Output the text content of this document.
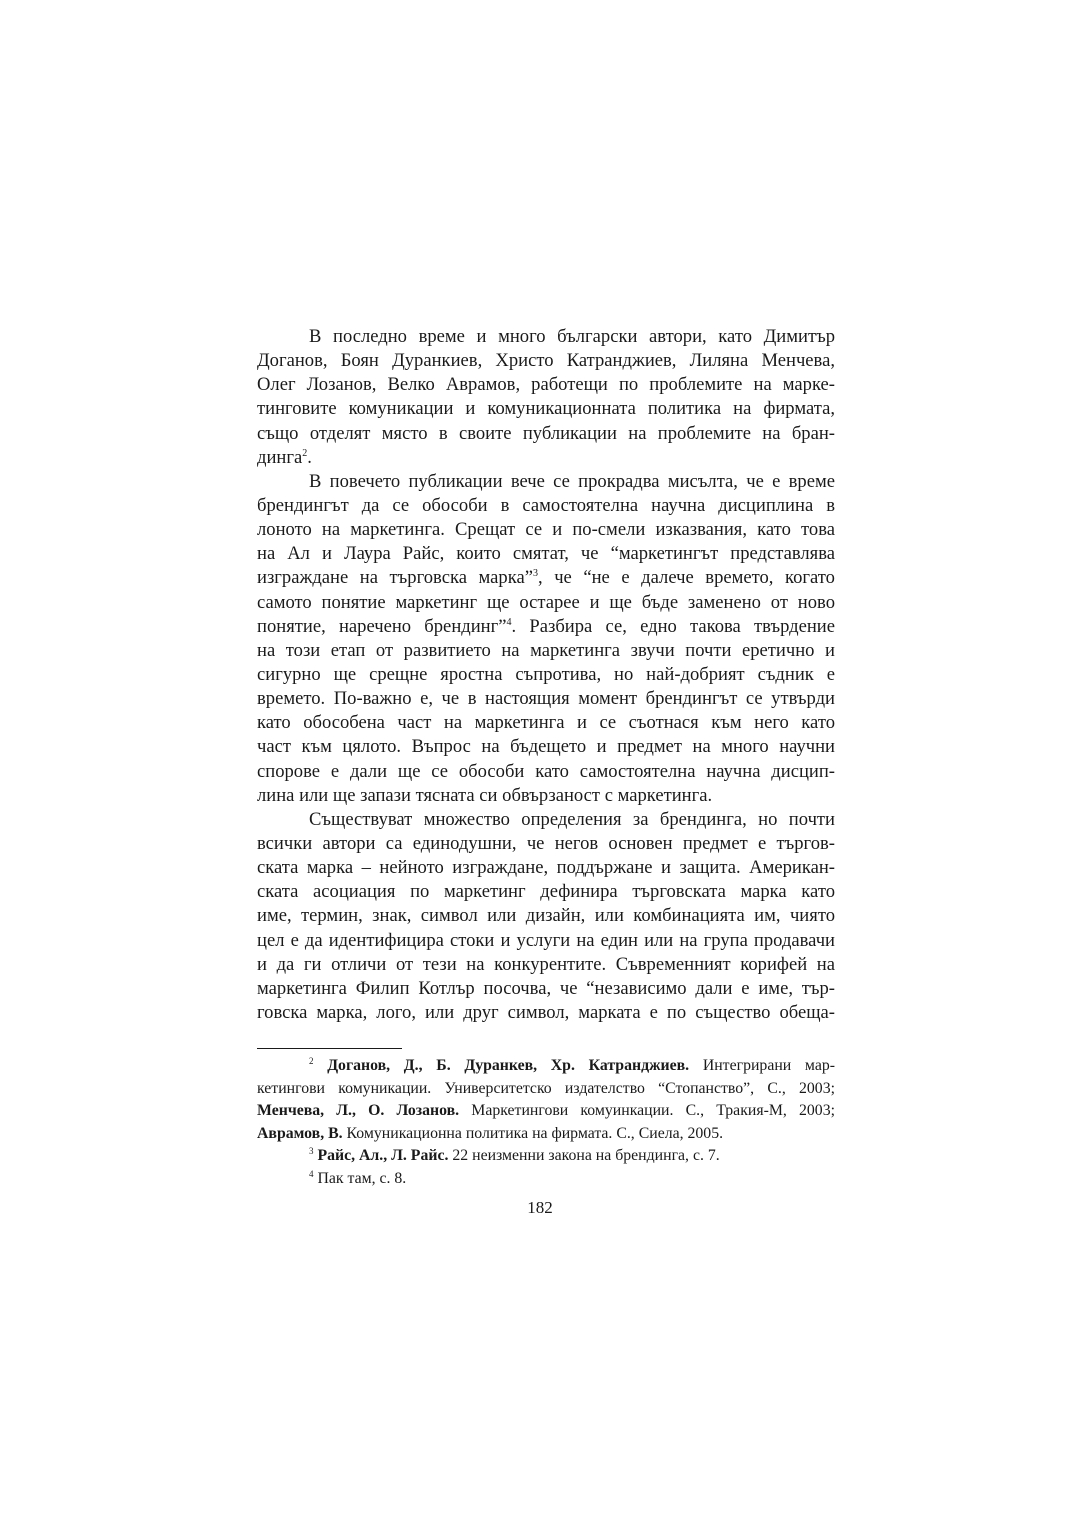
В последно време и много български автори, като Димитър
Доганов, Боян Дуранкиев, Христо Катранджиев, Лиляна Менчева,
Олег Лозанов, Велко Аврамов, работещи по проблемите на марке-
тинговите комуникации и комуникационната политика на фирмата,
също отделят място в своите публикации на проблемите на бран-
динга$^2$.
В повечето публикации вече се прокрадва мисълта, че е време
брендингът да се обособи в самостоятелна научна дисциплина в
лоното на маркетинга. Срещат се и по-смели изказвания, като това
на Ал и Лаура Райс, които смятат, че “маркетингът представлява
изграждане на търговска марка”$^3$, че “не е далече времето, когато
самото понятие маркетинг ще остарее и ще бъде заменено от ново
понятие, наречено брендинг”$^4$. Разбира се, едно такова твърдение
на този етап от развитието на маркетинга звучи почти еретично и
сигурно ще срещне яростна съпротива, но най-добрият съдник е
времето. По-важно е, че в настоящия момент брендингът се утвърди
като обособена част на маркетинга и се съотнася към него като
част към цялото. Въпрос на бъдещето и предмет на много научни
спорове е дали ще се обособи като самостоятелна научна дисцип-
лина или ще запази тясната си обвързаност с маркетинга.
Съществуват множество определения за брендинга, но почти
всички автори са единодушни, че негов основен предмет е търгов-
ската марка – нейното изграждане, поддържане и защита. Американ-
ската асоциация по маркетинг дефинира търговската марка като
име, термин, знак, символ или дизайн, или комбинацията им, чиято
цел е да идентифицира стоки и услуги на един или на група продавачи
и да ги отличи от тези на конкурентите. Съвременният корифей на
маркетинга Филип Котлър посочва, че “независимо дали е име, тър-
говска марка, лого, или друг символ, марката е по същество обеща-
$^2$ Доганов, Д., Б. Дуранкев, Хр. Катранджиев. Интегрирани мар-
кетингови комуникации. Университетско издателство “Стопанство”, С., 2003;
Менчева, Л., О. Лозанов. Маркетингови комуинкации. С., Тракия-М, 2003;
Аврамов, В. Комуникационна политика на фирмата. С., Сиела, 2005.
$^3$ Райс, Ал., Л. Райс. 22 неизменни закона на брендинга, с. 7.
$^4$ Пак там, с. 8.
182
